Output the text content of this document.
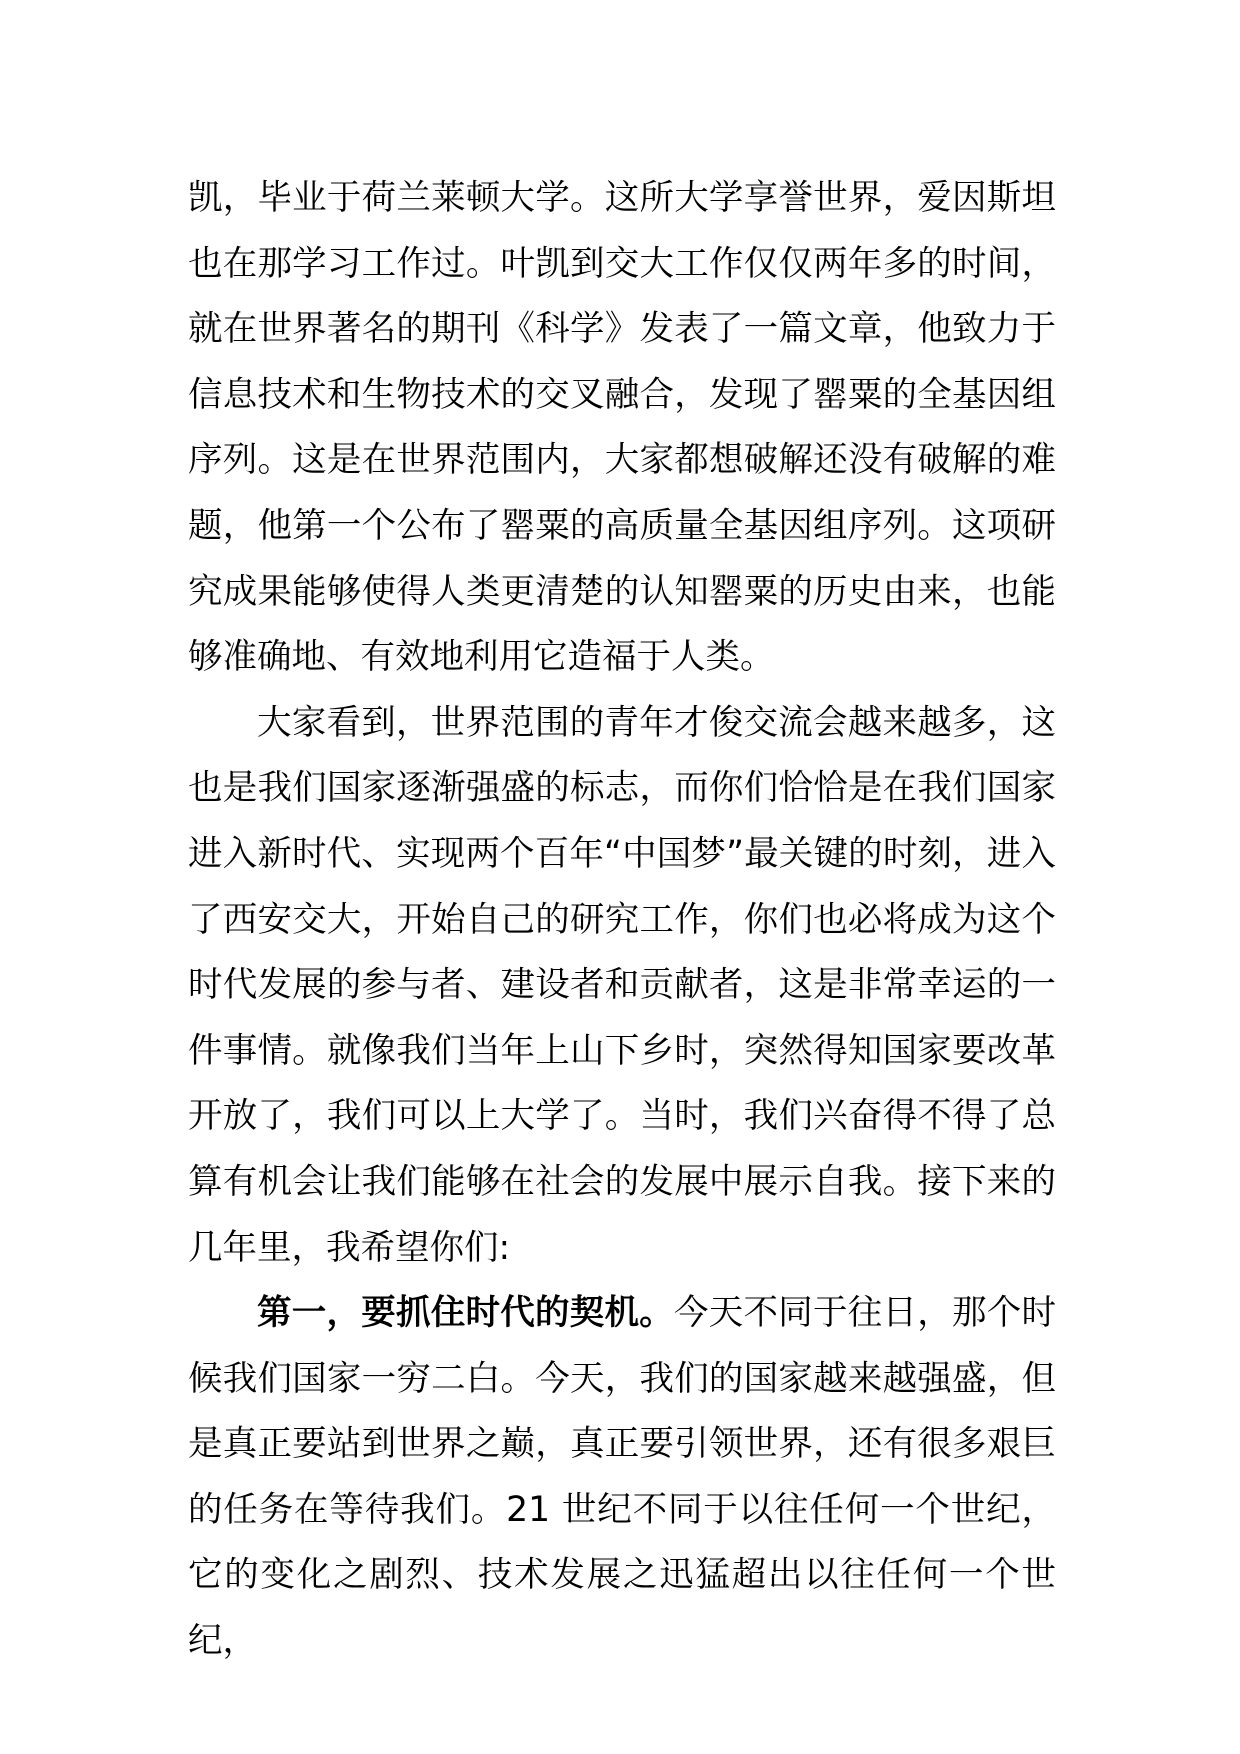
凯，毕业于荷兰莱顿大学。这所大学享誉世界，爱因斯坦也在那学习工作过。叶凯到交大工作仅仅两年多的时间，就在世界著名的期刊《科学》发表了一篇文章，他致力于信息技术和生物技术的交叉融合，发现了罂粟的全基因组序列。这是在世界范围内，大家都想破解还没有破解的难题，他第一个公布了罂粟的高质量全基因组序列。这项研究成果能够使得人类更清楚的认知罂粟的历史由来，也能够准确地、有效地利用它造福于人类。

大家看到，世界范围的青年才俊交流会越来越多，这也是我们国家逐渐强盛的标志，而你们恰恰是在我们国家进入新时代、实现两个百年“中国梦”最关键的时刻，进入了西安交大，开始自己的研究工作，你们也必将成为这个时代发展的参与者、建设者和贡献者，这是非常幸运的一件事情。就像我们当年上山下乡时，突然得知国家要改革开放了，我们可以上大学了。当时，我们兴奋得不得了总算有机会让我们能够在社会的发展中展示自我。接下来的几年里，我希望你们:

第一，要抓住时代的契机。今天不同于往日，那个时候我们国家一穷二白。今天，我们的国家越来越强盛，但是真正要站到世界之巅，真正要引领世界，还有很多艰巨的任务在等待我们。21 世纪不同于以往任何一个世纪，它的变化之剧烈、技术发展之迅猛超出以往任何一个世纪，
